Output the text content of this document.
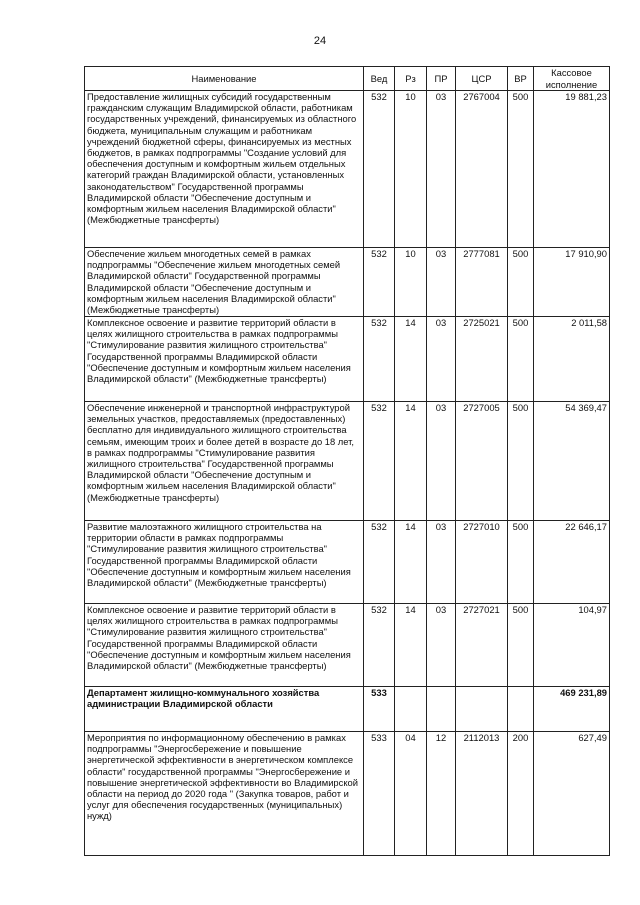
24
Наименование	Вед	Рз	ПР	ЦСР	ВР	Кассовое исполнение
Предоставление жилищных субсидий государственным гражданским служащим Владимирской области, работникам государственных учреждений, финансируемых из областного бюджета, муниципальным служащим и работникам учреждений бюджетной сферы, финансируемых из местных бюджетов, в рамках подпрограммы "Создание условий для обеспечения доступным и комфортным жильем отдельных категорий граждан Владимирской области, установленных законодательством" Государственной программы Владимирской области "Обеспечение доступным и комфортным жильем населения Владимирской области" (Межбюджетные трансферты)	532	10	03	2767004	500	19 881,23
Обеспечение жильем многодетных семей в рамках подпрограммы "Обеспечение жильем многодетных семей Владимирской области" Государственной программы Владимирской области "Обеспечение доступным и комфортным жильем населения Владимирской области" (Межбюджетные трансферты)	532	10	03	2777081	500	17 910,90
Комплексное освоение и развитие территорий области в целях жилищного строительства в рамках подпрограммы "Стимулирование развития жилищного строительства" Государственной программы Владимирской области "Обеспечение доступным и комфортным жильем населения Владимирской области" (Межбюджетные трансферты)	532	14	03	2725021	500	2 011,58
Обеспечение инженерной и транспортной инфраструктурой земельных участков, предоставляемых (предоставленных) бесплатно для индивидуального жилищного строительства семьям, имеющим троих и более детей в возрасте до 18 лет, в рамках подпрограммы "Стимулирование развития жилищного строительства" Государственной программы Владимирской области "Обеспечение доступным и комфортным жильем населения Владимирской области" (Межбюджетные трансферты)	532	14	03	2727005	500	54 369,47
Развитие малоэтажного жилищного строительства на территории области в рамках подпрограммы "Стимулирование развития жилищного строительства" Государственной программы Владимирской области "Обеспечение доступным и комфортным жильем населения Владимирской области" (Межбюджетные трансферты)	532	14	03	2727010	500	22 646,17
Комплексное освоение и развитие территорий области в целях жилищного строительства в рамках подпрограммы "Стимулирование развития жилищного строительства" Государственной программы Владимирской области "Обеспечение доступным и комфортным жильем населения Владимирской области" (Межбюджетные трансферты)	532	14	03	2727021	500	104,97
Департамент жилищно-коммунального хозяйства администрации Владимирской области	533					469 231,89
Мероприятия по информационному обеспечению в рамках подпрограммы "Энергосбережение и повышение энергетической эффективности в энергетическом комплексе области" государственной программы "Энергосбережение и повышение энергетической эффективности во Владимирской области на период до 2020 года " (Закупка товаров, работ и услуг для обеспечения государственных (муниципальных) нужд)	533	04	12	2112013	200	627,49
